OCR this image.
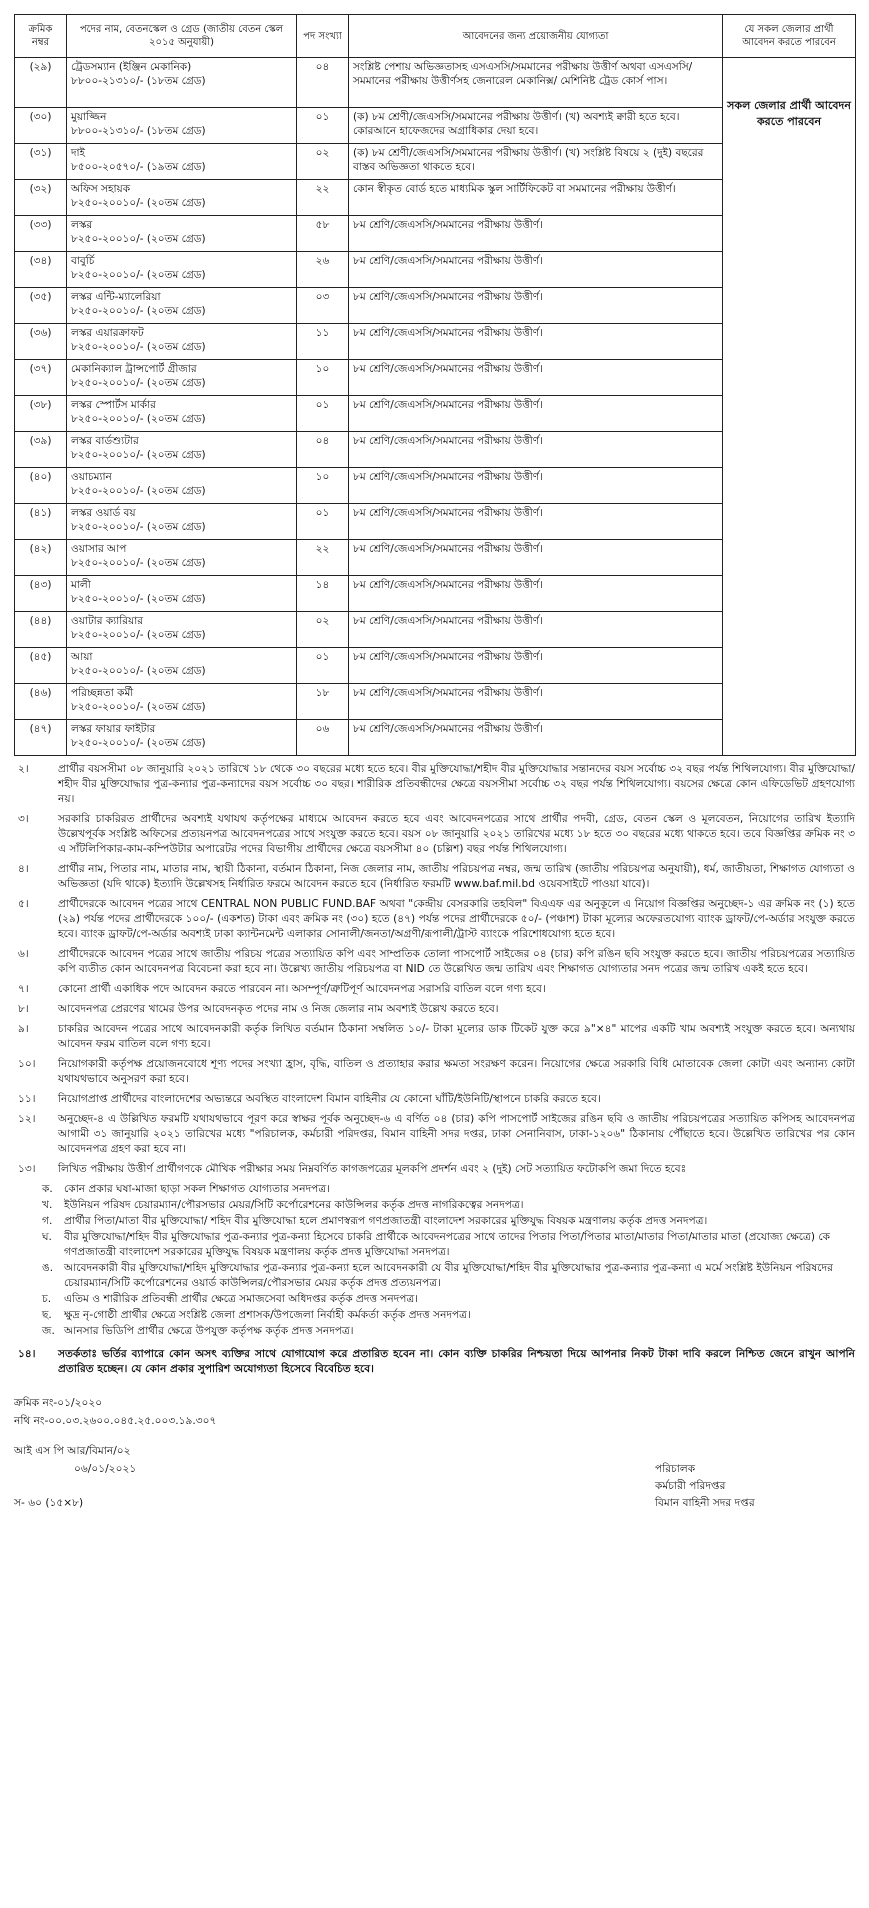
ক্রমিক নম্বর	পদের নাম, বেতনস্কেল ও গ্রেড (জাতীয় বেতন স্কেল ২০১৫ অনুযায়ী)	পদ সংখ্যা	আবেদনের জন্য প্রয়োজনীয় যোগ্যতা	যে সকল জেলার প্রার্থী আবেদন করতে পারবেন
(২৯)	ট্রেডসম্যান (ইঞ্জিন মেকানিক)
৮৮০০-২১৩১০/- (১৮তম গ্রেড)	০৪	সংশ্লিষ্ট পেশায় অভিজ্ঞতাসহ এসএসসি/সমমানের পরীক্ষায় উত্তীর্ণ অথবা এসএসসি/সমমানের পরীক্ষায় উত্তীর্ণসহ জেনারেল মেকানিক্স/ মেশিনিষ্ট ট্রেড কোর্স পাস।	সকল জেলার প্রার্থী আবেদন করতে পারবেন
(৩০)	মুয়াজ্জিন
৮৮০০-২১৩১০/- (১৮তম গ্রেড)	০১	(ক) ৮ম শ্রেণী/জেএসসি/সমমানের পরীক্ষায় উত্তীর্ণ। (খ) অবশ্যই ক্বারী হতে হবে। কোরআনে হাফেজদের অগ্রাধিকার দেয়া হবে।	
(৩১)	দাই
৮৫০০-২০৫৭০/- (১৯তম গ্রেড)	০২	(ক) ৮ম শ্রেণী/জেএসসি/সমমানের পরীক্ষায় উত্তীর্ণ। (খ) সংশ্লিষ্ট বিষয়ে ২ (দুই) বছরের বাস্তব অভিজ্ঞতা থাকতে হবে।	
(৩২)	অফিস সহায়ক
৮২৫০-২০০১০/- (২০তম গ্রেড)	২২	কোন স্বীকৃত বোর্ড হতে মাধ্যমিক স্কুল সার্টিফিকেট বা সমমানের পরীক্ষায় উত্তীর্ণ।	
(৩৩)	লস্কর
৮২৫০-২০০১০/- (২০তম গ্রেড)	৫৮	৮ম শ্রেণি/জেএসসি/সমমানের পরীক্ষায় উত্তীর্ণ।	
(৩৪)	বাবুর্চি
৮২৫০-২০০১০/- (২০তম গ্রেড)	২৬	৮ম শ্রেণি/জেএসসি/সমমানের পরীক্ষায় উত্তীর্ণ।	
(৩৫)	লস্কর এন্টি-ম্যালেরিয়া
৮২৫০-২০০১০/- (২০তম গ্রেড)	০৩	৮ম শ্রেণি/জেএসসি/সমমানের পরীক্ষায় উত্তীর্ণ।	
(৩৬)	লস্কর এয়ারক্রাফট
৮২৫০-২০০১০/- (২০তম গ্রেড)	১১	৮ম শ্রেণি/জেএসসি/সমমানের পরীক্ষায় উত্তীর্ণ।	
(৩৭)	মেকানিক্যাল ট্রান্সপোর্ট গ্রীজার
৮২৫০-২০০১০/- (২০তম গ্রেড)	১০	৮ম শ্রেণি/জেএসসি/সমমানের পরীক্ষায় উত্তীর্ণ।	
(৩৮)	লস্কর স্পোর্টস মার্কার
৮২৫০-২০০১০/- (২০তম গ্রেড)	০১	৮ম শ্রেণি/জেএসসি/সমমানের পরীক্ষায় উত্তীর্ণ।	
(৩৯)	লস্কর বার্ডশ্যুটার
৮২৫০-২০০১০/- (২০তম গ্রেড)	০৪	৮ম শ্রেণি/জেএসসি/সমমানের পরীক্ষায় উত্তীর্ণ।	
(৪০)	ওয়াচম্যান
৮২৫০-২০০১০/- (২০তম গ্রেড)	১০	৮ম শ্রেণি/জেএসসি/সমমানের পরীক্ষায় উত্তীর্ণ।	
(৪১)	লস্কর ওয়ার্ড বয়
৮২৫০-২০০১০/- (২০তম গ্রেড)	০১	৮ম শ্রেণি/জেএসসি/সমমানের পরীক্ষায় উত্তীর্ণ।	
(৪২)	ওয়াসার আপ
৮২৫০-২০০১০/- (২০তম গ্রেড)	২২	৮ম শ্রেণি/জেএসসি/সমমানের পরীক্ষায় উত্তীর্ণ।	
(৪৩)	মালী
৮২৫০-২০০১০/- (২০তম গ্রেড)	১৪	৮ম শ্রেণি/জেএসসি/সমমানের পরীক্ষায় উত্তীর্ণ।	
(৪৪)	ওয়াটার ক্যারিয়ার
৮২৫০-২০০১০/- (২০তম গ্রেড)	০২	৮ম শ্রেণি/জেএসসি/সমমানের পরীক্ষায় উত্তীর্ণ।	
(৪৫)	আয়া
৮২৫০-২০০১০/- (২০তম গ্রেড)	০১	৮ম শ্রেণি/জেএসসি/সমমানের পরীক্ষায় উত্তীর্ণ।	
(৪৬)	পরিচ্ছন্নতা কর্মী
৮২৫০-২০০১০/- (২০তম গ্রেড)	১৮	৮ম শ্রেণি/জেএসসি/সমমানের পরীক্ষায় উত্তীর্ণ।	
(৪৭)	লস্কর ফায়ার ফাইটার
৮২৫০-২০০১০/- (২০তম গ্রেড)	০৬	৮ম শ্রেণি/জেএসসি/সমমানের পরীক্ষায় উত্তীর্ণ।	
২।	প্রার্থীর বয়সসীমা ০৮ জানুয়ারি ২০২১ তারিখে ১৮ থেকে ৩০ বছরের মধ্যে হতে হবে। বীর মুক্তিযোদ্ধা/শহীদ বীর মুক্তিযোদ্ধার সন্তানদের বয়স সর্বোচ্চ ৩২ বছর পর্যন্ত শিথিলযোগ্য। বীর মুক্তিযোদ্ধা/শহীদ বীর মুক্তিযোদ্ধার পুত্র-কন্যার পুত্র-কন্যাদের বয়স সর্বোচ্চ ৩০ বছর। শারীরিক প্রতিবন্ধীদের ক্ষেত্রে বয়সসীমা সর্বোচ্চ ৩২ বছর পর্যন্ত শিথিলযোগ্য। বয়সের ক্ষেত্রে কোন এফিডেভিট গ্রহণযোগ্য নয়।
৩।	সরকারি চাকরিরত প্রার্থীদের অবশ্যই যথাযথ কর্তৃপক্ষের মাধ্যমে আবেদন করতে হবে এবং আবেদনপত্রের সাথে প্রার্থীর পদবী, গ্রেড, বেতন স্কেল ও মূলবেতন, নিয়োগের তারিখ ইত্যাদি উল্লেখপূর্বক সংশ্লিষ্ট অফিসের প্রত্যয়নপত্র আবেদনপত্রের সাথে সংযুক্ত করতে হবে। বয়স ০৮ জানুয়ারি ২০২১ তারিখের মধ্যে ১৮ হতে ৩০ বছরের মধ্যে থাকতে হবে। তবে বিজ্ঞপ্তির ক্রমিক নং ৩ এ সাঁটলিপিকার-কাম-কম্পিউটার অপারেটর পদের বিভাগীয় প্রার্থীদের ক্ষেত্রে বয়সসীমা ৪০ (চল্লিশ) বছর পর্যন্ত শিথিলযোগ্য।
৪।	প্রার্থীর নাম, পিতার নাম, মাতার নাম, স্থায়ী ঠিকানা, বর্তমান ঠিকানা, নিজ জেলার নাম, জাতীয় পরিচয়পত্র নম্বর, জন্ম তারিখ (জাতীয় পরিচয়পত্র অনুযায়ী), ধর্ম, জাতীয়তা, শিক্ষাগত যোগ্যতা ও অভিজ্ঞতা (যদি থাকে) ইত্যাদি উল্লেখসহ নির্ধারিত ফরমে আবেদন করতে হবে (নির্ধারিত ফরমটি www.baf.mil.bd ওয়েবসাইটে পাওয়া যাবে)।
৫।	প্রার্থীদেরকে আবেদন পত্রের সাথে CENTRAL NON PUBLIC FUND.BAF অথবা "কেন্দ্রীয় বেসরকারি তহবিল" বিএএফ এর অনুকূলে এ নিয়োগ বিজ্ঞপ্তির অনুচ্ছেদ-১ এর ক্রমিক নং (১) হতে (২৯) পর্যন্ত পদের প্রার্থীদেরকে ১০০/- (একশত) টাকা এবং ক্রমিক নং (৩০) হতে (৪৭) পর্যন্ত পদের প্রার্থীদেরকে ৫০/- (পঞ্চাশ) টাকা মূল্যের অফেরতযোগ্য ব্যাংক ড্রাফট/পে-অর্ডার সংযুক্ত করতে হবে। ব্যাংক ড্রাফট/পে-অর্ডার অবশ্যই ঢাকা ক্যান্টনমেন্ট এলাকার সোনালী/জনতা/অগ্রণী/রূপালী/ট্রাস্ট ব্যাংকে পরিশোধযোগ্য হতে হবে।
৬।	প্রার্থীদেরকে আবেদন পত্রের সাথে জাতীয় পরিচয় পত্রের সত্যায়িত কপি এবং সাম্প্রতিক তোলা পাসপোর্ট সাইজের ০৪ (চার) কপি রঙিন ছবি সংযুক্ত করতে হবে। জাতীয় পরিচয়পত্রের সত্যায়িত কপি ব্যতীত কোন আবেদনপত্র বিবেচনা করা হবে না। উল্লেখ্য জাতীয় পরিচয়পত্র বা NID তে উল্লেখিত জন্ম তারিখ এবং শিক্ষাগত যোগ্যতার সনদ পত্রের জন্ম তারিখ একই হতে হবে।
৭।	কোনো প্রার্থী একাধিক পদে আবেদন করতে পারবেন না। অসম্পূর্ণ/ত্রুটিপূর্ণ আবেদনপত্র সরাসরি বাতিল বলে গণ্য হবে।
৮।	আবেদনপত্র প্রেরণের খামের উপর আবেদনকৃত পদের নাম ও নিজ জেলার নাম অবশ্যই উল্লেখ করতে হবে।
৯।	চাকরির আবেদন পত্রের সাথে আবেদনকারী কর্তৃক লিখিত বর্তমান ঠিকানা সম্বলিত ১০/- টাকা মূল্যের ডাক টিকেট যুক্ত করে ৯"×৪" মাপের একটি খাম অবশ্যই সংযুক্ত করতে হবে। অন্যথায় আবেদন ফরম বাতিল বলে গণ্য হবে।
১০।	নিয়োগকারী কর্তৃপক্ষ প্রয়োজনবোধে শূণ্য পদের সংখ্যা হ্রাস, বৃদ্ধি, বাতিল ও প্রত্যাহার করার ক্ষমতা সংরক্ষণ করেন। নিয়োগের ক্ষেত্রে সরকারি বিধি মোতাবেক জেলা কোটা এবং অন্যান্য কোটা যথাযথভাবে অনুসরণ করা হবে।
১১।	নিয়োগপ্রাপ্ত প্রার্থীদের বাংলাদেশের অভ্যন্তরে অবস্থিত বাংলাদেশ বিমান বাহিনীর যে কোনো ঘাঁটি/ইউনিটি/স্থাপনে চাকরি করতে হবে।
১২।	অনুচ্ছেদ-৪ এ উল্লিখিত ফরমটি যথাযথভাবে পূরণ করে স্বাক্ষর পূর্বক অনুচ্ছেদ-৬ এ বর্ণিত ০৪ (চার) কপি পাসপোর্ট সাইজের রঙিন ছবি ও জাতীয় পরিচয়পত্রের সত্যায়িত কপিসহ আবেদনপত্র আগামী ৩১ জানুয়ারি ২০২১ তারিখের মধ্যে "পরিচালক, কর্মচারী পরিদপ্তর, বিমান বাহিনী সদর দপ্তর, ঢাকা সেনানিবাস, ঢাকা-১২০৬" ঠিকানায় পৌঁছাতে হবে। উল্লেখিত তারিখের পর কোন আবেদনপত্র গ্রহণ করা হবে না।
১৩।	লিখিত পরীক্ষায় উত্তীর্ণ প্রার্থীগণকে মৌখিক পরীক্ষার সময় নিম্নবর্ণিত কাগজপত্রের মূলকপি প্রদর্শন এবং ২ (দুই) সেট সত্যায়িত ফটোকপি জমা দিতে হবেঃ
ক.	কোন প্রকার ঘষা-মাজা ছাড়া সকল শিক্ষাগত যোগ্যতার সনদপত্র।
খ.	ইউনিয়ন পরিষদ চেয়ারম্যান/পৌরসভার মেয়র/সিটি কর্পোরেশনের কাউন্সিলর কর্তৃক প্রদত্ত নাগরিকত্বের সনদপত্র।
গ.	প্রার্থীর পিতা/মাতা বীর মুক্তিযোদ্ধা/ শহিদ বীর মুক্তিযোদ্ধা হলে প্রমাণস্বরূপ গণপ্রজাতন্ত্রী বাংলাদেশ সরকারের মুক্তিযুদ্ধ বিষয়ক মন্ত্রণালয় কর্তৃক প্রদত্ত সনদপত্র।
ঘ.	বীর মুক্তিযোদ্ধা/শহিদ বীর মুক্তিযোদ্ধার পুত্র-কন্যার পুত্র-কন্যা হিসেবে চাকরি প্রার্থীকে আবেদনপত্রের সাথে তাদের পিতার পিতা/পিতার মাতা/মাতার পিতা/মাতার মাতা (প্রযোজ্য ক্ষেত্রে) কে গণপ্রজাতন্ত্রী বাংলাদেশ সরকারের মুক্তিযুদ্ধ বিষয়ক মন্ত্রণালয় কর্তৃক প্রদত্ত মুক্তিযোদ্ধা সনদপত্র।
ঙ.	আবেদনকারী বীর মুক্তিযোদ্ধা/শহিদ মুক্তিযোদ্ধার পুত্র-কন্যার পুত্র-কন্যা হলে আবেদনকারী যে বীর মুক্তিযোদ্ধা/শহিদ বীর মুক্তিযোদ্ধার পুত্র-কন্যার পুত্র-কন্যা এ মর্মে সংশ্লিষ্ট ইউনিয়ন পরিষদের চেয়ারম্যান/সিটি কর্পোরেশনের ওয়ার্ড কাউন্সিলর/পৌরসভার মেয়র কর্তৃক প্রদত্ত প্রত্যয়নপত্র।
চ.	এতিম ও শারীরিক প্রতিবন্ধী প্রার্থীর ক্ষেত্রে সমাজসেবা অধিদপ্তর কর্তৃক প্রদত্ত সনদপত্র।
ছ.	ক্ষুদ্র নৃ-গোষ্ঠী প্রার্থীর ক্ষেত্রে সংশ্লিষ্ট জেলা প্রশাসক/উপজেলা নির্বাহী কর্মকর্তা কর্তৃক প্রদত্ত সনদপত্র।
জ. আনসার ভিডিপি প্রার্থীর ক্ষেত্রে উপযুক্ত কর্তৃপক্ষ কর্তৃক প্রদত্ত সনদপত্র।
১৪।	সতর্কতাঃ ভর্তির ব্যাপারে কোন অসৎ ব্যক্তির সাথে যোগাযোগ করে প্রতারিত হবেন না। কোন ব্যক্তি চাকরির নিশ্চয়তা দিয়ে আপনার নিকট টাকা দাবি করলে নিশ্চিত জেনে রাখুন আপনি প্রতারিত হচ্ছেন। যে কোন প্রকার সুপারিশ অযোগ্যতা হিসেবে বিবেচিত হবে।
ক্রমিক নং-০১/২০২০
নথি নং-০০.০৩.২৬০০.০৪৫.২৫.০০৩.১৯.৩০৭
আই এস পি আর/বিমান/০২
০৬/০১/২০২১
স- ৬০ (১৫×৮)
পরিচালক
কর্মচারী পরিদপ্তর
বিমান বাহিনী সদর দপ্তর
